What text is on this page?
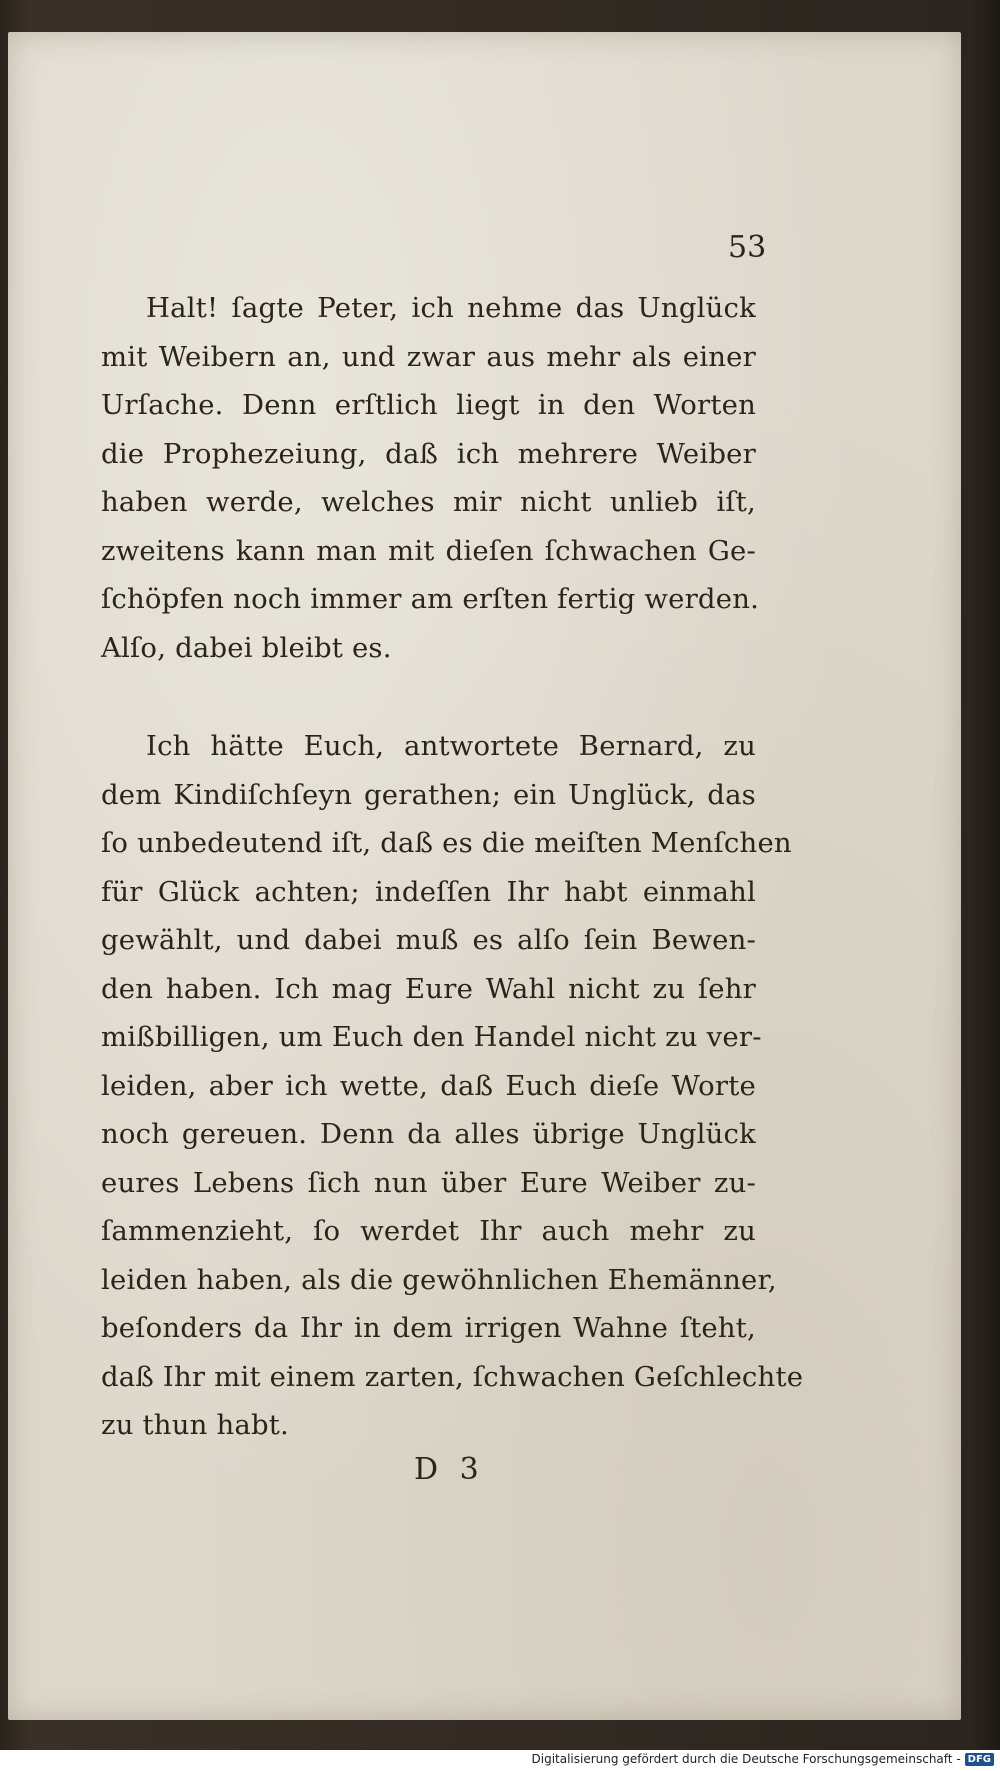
53
Halt! ſagte Peter, ich nehme das Unglück
mit Weibern an, und zwar aus mehr als einer
Urſache. Denn erſtlich liegt in den Worten
die Prophezeiung, daß ich mehrere Weiber
haben werde, welches mir nicht unlieb iſt,
zweitens kann man mit dieſen ſchwachen Ge-
ſchöpfen noch immer am erſten fertig werden.
Alſo, dabei bleibt es.
Ich hätte Euch, antwortete Bernard, zu
dem Kindiſchſeyn gerathen; ein Unglück, das
ſo unbedeutend iſt, daß es die meiſten Menſchen
für Glück achten; indeſſen Ihr habt einmahl
gewählt, und dabei muß es alſo ſein Bewen-
den haben. Ich mag Eure Wahl nicht zu ſehr
mißbilligen, um Euch den Handel nicht zu ver-
leiden, aber ich wette, daß Euch dieſe Worte
noch gereuen. Denn da alles übrige Unglück
eures Lebens ſich nun über Eure Weiber zu-
ſammenzieht, ſo werdet Ihr auch mehr zu
leiden haben, als die gewöhnlichen Ehemänner,
beſonders da Ihr in dem irrigen Wahne ſteht,
daß Ihr mit einem zarten, ſchwachen Geſchlechte
zu thun habt.
D 3
Digitalisierung gefördert durch die Deutsche Forschungsgemeinschaft - DFG
